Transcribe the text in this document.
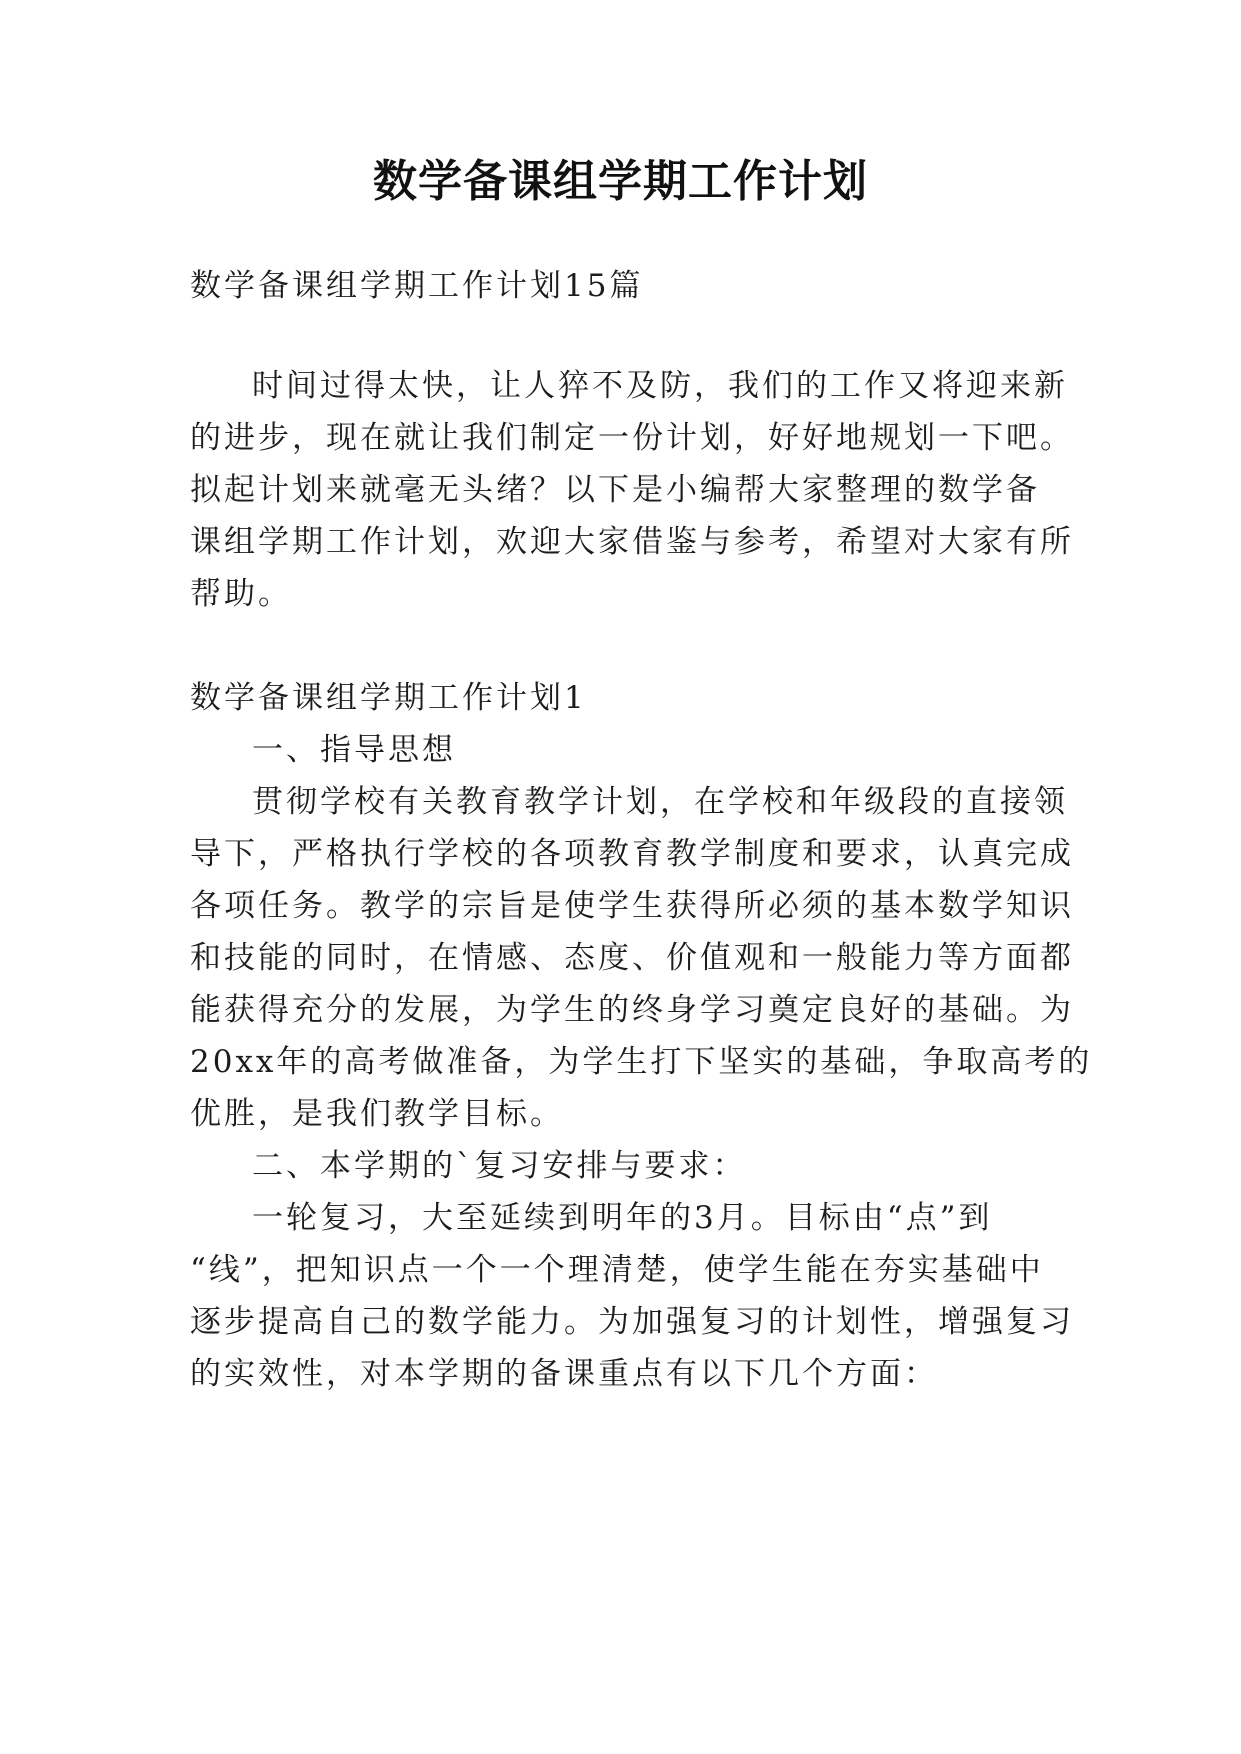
数学备课组学期工作计划
数学备课组学期工作计划15篇
时间过得太快，让人猝不及防，我们的工作又将迎来新
的进步，现在就让我们制定一份计划，好好地规划一下吧。
拟起计划来就毫无头绪？以下是小编帮大家整理的数学备
课组学期工作计划，欢迎大家借鉴与参考，希望对大家有所
帮助。
数学备课组学期工作计划1
一、指导思想
贯彻学校有关教育教学计划，在学校和年级段的直接领
导下，严格执行学校的各项教育教学制度和要求，认真完成
各项任务。教学的宗旨是使学生获得所必须的基本数学知识
和技能的同时，在情感、态度、价值观和一般能力等方面都
能获得充分的发展，为学生的终身学习奠定良好的基础。为
20xx年的高考做准备，为学生打下坚实的基础，争取高考的
优胜，是我们教学目标。
二、本学期的`复习安排与要求：
一轮复习，大至延续到明年的3月。目标由“点”到
“线”，把知识点一个一个理清楚，使学生能在夯实基础中
逐步提高自己的数学能力。为加强复习的计划性，增强复习
的实效性，对本学期的备课重点有以下几个方面：
